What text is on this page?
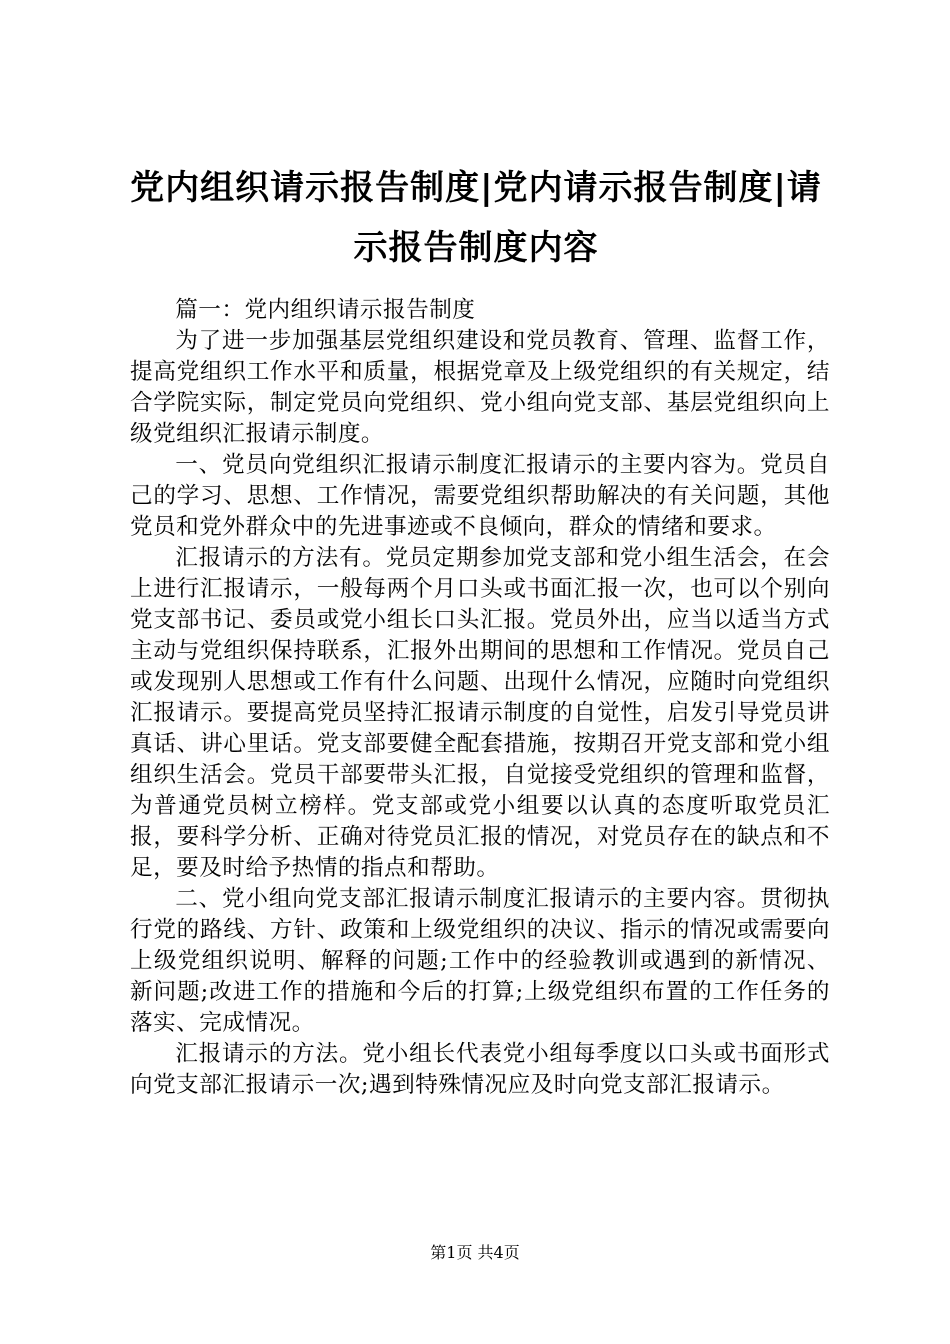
党内组织请示报告制度|党内请示报告制度|请示报告制度内容

篇一：党内组织请示报告制度

为了进一步加强基层党组织建设和党员教育、管理、监督工作，提高党组织工作水平和质量，根据党章及上级党组织的有关规定，结合学院实际，制定党员向党组织、党小组向党支部、基层党组织向上级党组织汇报请示制度。

一、党员向党组织汇报请示制度汇报请示的主要内容为。党员自己的学习、思想、工作情况，需要党组织帮助解决的有关问题，其他党员和党外群众中的先进事迹或不良倾向，群众的情绪和要求。

汇报请示的方法有。党员定期参加党支部和党小组生活会，在会上进行汇报请示，一般每两个月口头或书面汇报一次，也可以个别向党支部书记、委员或党小组长口头汇报。党员外出，应当以适当方式主动与党组织保持联系，汇报外出期间的思想和工作情况。党员自己或发现别人思想或工作有什么问题、出现什么情况，应随时向党组织汇报请示。要提高党员坚持汇报请示制度的自觉性，启发引导党员讲真话、讲心里话。党支部要健全配套措施，按期召开党支部和党小组组织生活会。党员干部要带头汇报，自觉接受党组织的管理和监督，为普通党员树立榜样。党支部或党小组要以认真的态度听取党员汇报，要科学分析、正确对待党员汇报的情况，对党员存在的缺点和不足，要及时给予热情的指点和帮助。

二、党小组向党支部汇报请示制度汇报请示的主要内容。贯彻执行党的路线、方针、政策和上级党组织的决议、指示的情况或需要向上级党组织说明、解释的问题;工作中的经验教训或遇到的新情况、新问题;改进工作的措施和今后的打算;上级党组织布置的工作任务的落实、完成情况。

汇报请示的方法。党小组长代表党小组每季度以口头或书面形式向党支部汇报请示一次;遇到特殊情况应及时向党支部汇报请示。

第1页 共4页
